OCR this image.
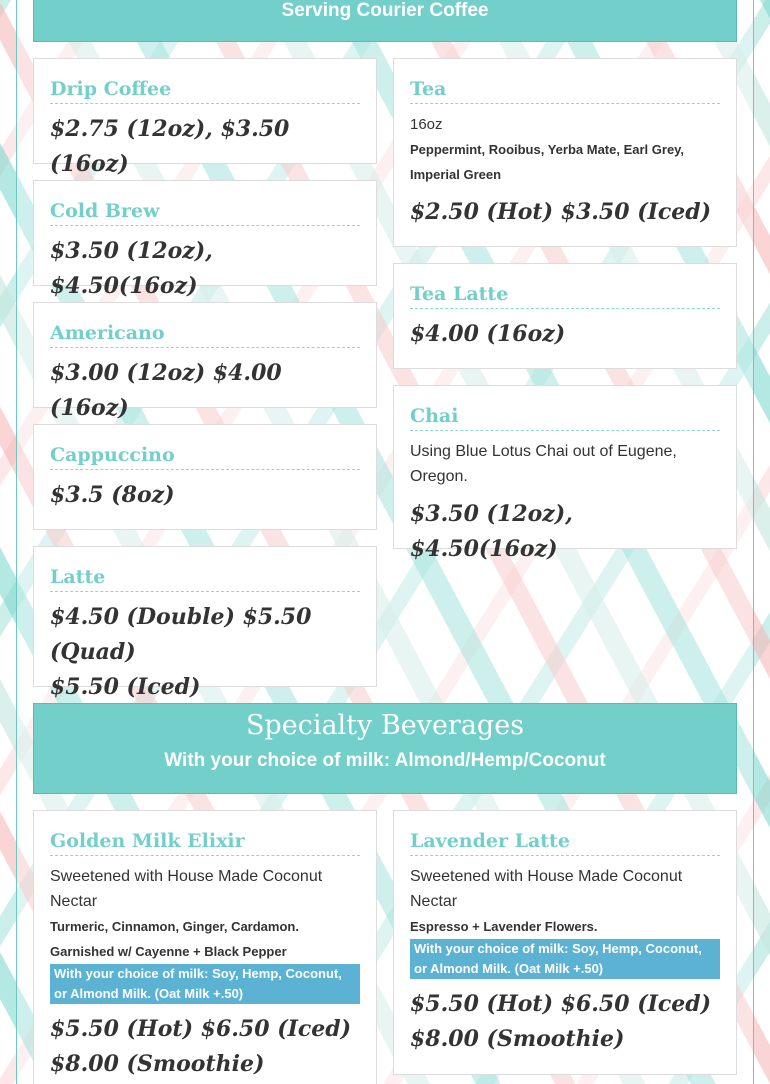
Serving Courier Coffee
Drip Coffee
$2.75 (12oz), $3.50 (16oz)
Cold Brew
$3.50 (12oz), $4.50(16oz)
Americano
$3.00 (12oz) $4.00 (16oz)
Cappuccino
$3.5 (8oz)
Latte
$4.50 (Double) $5.50 (Quad)
$5.50 (Iced)
Tea
16oz
Peppermint, Rooibus, Yerba Mate, Earl Grey, Imperial Green
$2.50 (Hot) $3.50 (Iced)
Tea Latte
$4.00 (16oz)
Chai
Using Blue Lotus Chai out of Eugene, Oregon.
$3.50 (12oz), $4.50(16oz)
Specialty Beverages
With your choice of milk: Almond/Hemp/Coconut
Golden Milk Elixir
Sweetened with House Made Coconut Nectar
Turmeric, Cinnamon, Ginger, Cardamon.
Garnished w/ Cayenne + Black Pepper
With your choice of milk: Soy, Hemp, Coconut, or Almond Milk. (Oat Milk +.50)
$5.50 (Hot) $6.50 (Iced)
$8.00 (Smoothie)
Lavender Latte
Sweetened with House Made Coconut Nectar
Espresso + Lavender Flowers.
With your choice of milk: Soy, Hemp, Coconut, or Almond Milk. (Oat Milk +.50)
$5.50 (Hot) $6.50 (Iced)
$8.00 (Smoothie)
